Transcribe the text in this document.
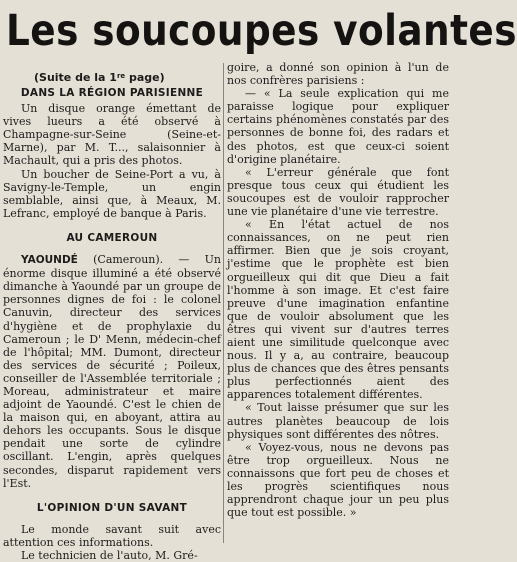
Les soucoupes volantes
(Suite de la 1re page)
DANS LA RÉGION PARISIENNE

Un disque orange émettant de vives lueurs a été observé à Champagne-sur-Seine (Seine-et-Marne), par M. T..., salaisonnier à Machault, qui a pris des photos.

Un boucher de Seine-Port a vu, à Savigny-le-Temple, un engin semblable, ainsi que, à Meaux, M. Lefranc, employé de banque à Paris.

AU CAMEROUN

YAOUNDÉ (Cameroun). — Un énorme disque illuminé a été observé dimanche à Yaoundé par un groupe de personnes dignes de foi : le colonel Canuvin, directeur des services d'hygiène et de prophylaxie du Cameroun ; le D' Menn, médecin-chef de l'hôpital; MM. Dumont, directeur des services de sécurité ; Poileux, conseiller de l'Assemblée territoriale ; Moreau, administrateur et maire adjoint de Yaoundé. C'est le chien de la maison qui, en aboyant, attira au dehors les occupants. Sous le disque pendait une sorte de cylindre oscillant. L'engin, après quelques secondes, disparut rapidement vers l'Est.

L'OPINION D'UN SAVANT

Le monde savant suit avec attention ces informations.

Le technicien de l'auto, M. Gré-

goire, a donné son opinion à l'un de nos confrères parisiens :

— « La seule explication qui me paraisse logique pour expliquer certains phénomènes constatés par des personnes de bonne foi, des radars et des photos, est que ceux-ci soient d'origine planétaire.

« L'erreur générale que font presque tous ceux qui étudient les soucoupes est de vouloir rapprocher une vie planétaire d'une vie terrestre.

« En l'état actuel de nos connaissances, on ne peut rien affirmer. Bien que je sois croyant, j'estime que le prophète est bien orgueilleux qui dit que Dieu a fait l'homme à son image. Et c'est faire preuve d'une imagination enfantine que de vouloir absolument que les êtres qui vivent sur d'autres terres aient une similitude quelconque avec nous. Il y a, au contraire, beaucoup plus de chances que des êtres pensants plus perfectionnés aient des apparences totalement différentes.

« Tout laisse présumer que sur les autres planètes beaucoup de lois physiques sont différentes des nôtres.

« Voyez-vous, nous ne devons pas être trop orgueilleux. Nous ne connaissons que fort peu de choses et les progrès scientifiques nous apprendront chaque jour un peu plus que tout est possible. »
